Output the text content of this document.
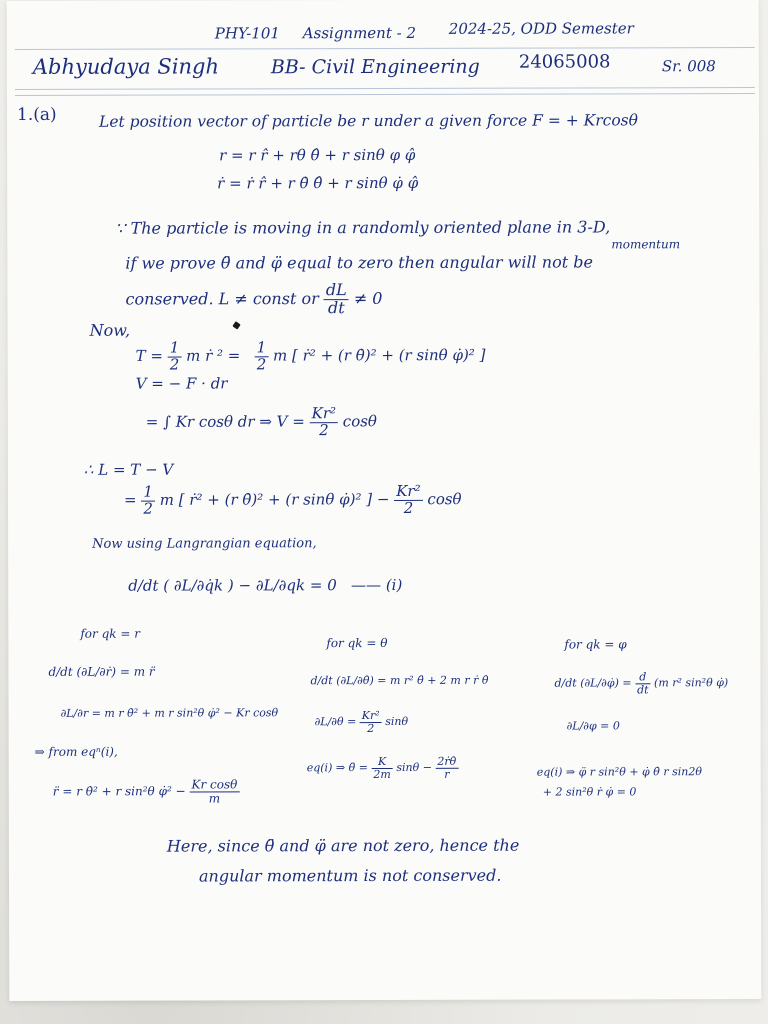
PHY-101 Assignment - 2 2024-25, ODD Semester
Abhyudaya Singh	BB- Civil Engineering 24065008	Sr. 008
1.(a)	Let position vector of particle be r under a given force F = + Krcosθ
r = r r̂ + rθ θ̂ + r sinθ φ φ̂
ṙ = ṙ r̂ + r θ̇ θ̂ + r sinθ φ̇ φ̂
∵ The particle is moving in a randomly oriented plane in 3-D,
momentum
if we prove θ̈ and φ̈ equal to zero then angular will not be
conserved. L ≠ const or $\frac{dL}{dt} \ne 0$
Now,
$T = \frac{1}{2}$ m ṙ $^2 = \frac{1}{2}$ m [ ṙ² + (r θ̇)² + (r sinθ φ̇)² ]
V = − F · dr
= ∫ Kr cosθ dr ⇒ $V = \frac{\text{Kr²}}{2}$ cosθ
∴ L = T − V
= $\frac{1}{2}$ m [ ṙ² + (r θ̇)² + (r sinθ φ̇)² ] − $\frac{\text{Kr²}}{2}$ cosθ
Now using Langrangian equation,
d/dt ( ∂L/∂q̇k ) − ∂L/∂qk = 0 —— (i)
for qk = r
d/dt (∂L/∂ṙ) = m r̈
∂L/∂r = m r θ̇² + m r sin²θ φ̇² − Kr cosθ
⇒ from eqⁿ(i),
r̈ = r θ̇² + r sin²θ φ̇² − $\frac{\text{Kr cosθ}}{m}$
for qk = θ
d/dt (∂L/∂θ̇) = m r² θ̈ + 2 m r ṙ θ̇
$\partial L/\partial\theta = \frac{\text{Kr²}}{2}$ sinθ
eq(i) ⇒ θ̈ = $\frac{K}{2m}$ $\sin\theta - \frac{\text{2ṙθ̇}}{r}$
for qk = φ
d/dt (∂L/∂φ̇) = $\frac{d}{dt} (m$ r² sin²θ φ̇)
∂L/∂φ = 0
eq(i) ⇒ φ̈ r sin²θ + φ̇ θ̇ r sin2θ
+ 2 sin²θ ṙ φ̇ = 0
Here, since θ̈ and φ̈ are not zero, hence the
angular momentum is not conserved.
